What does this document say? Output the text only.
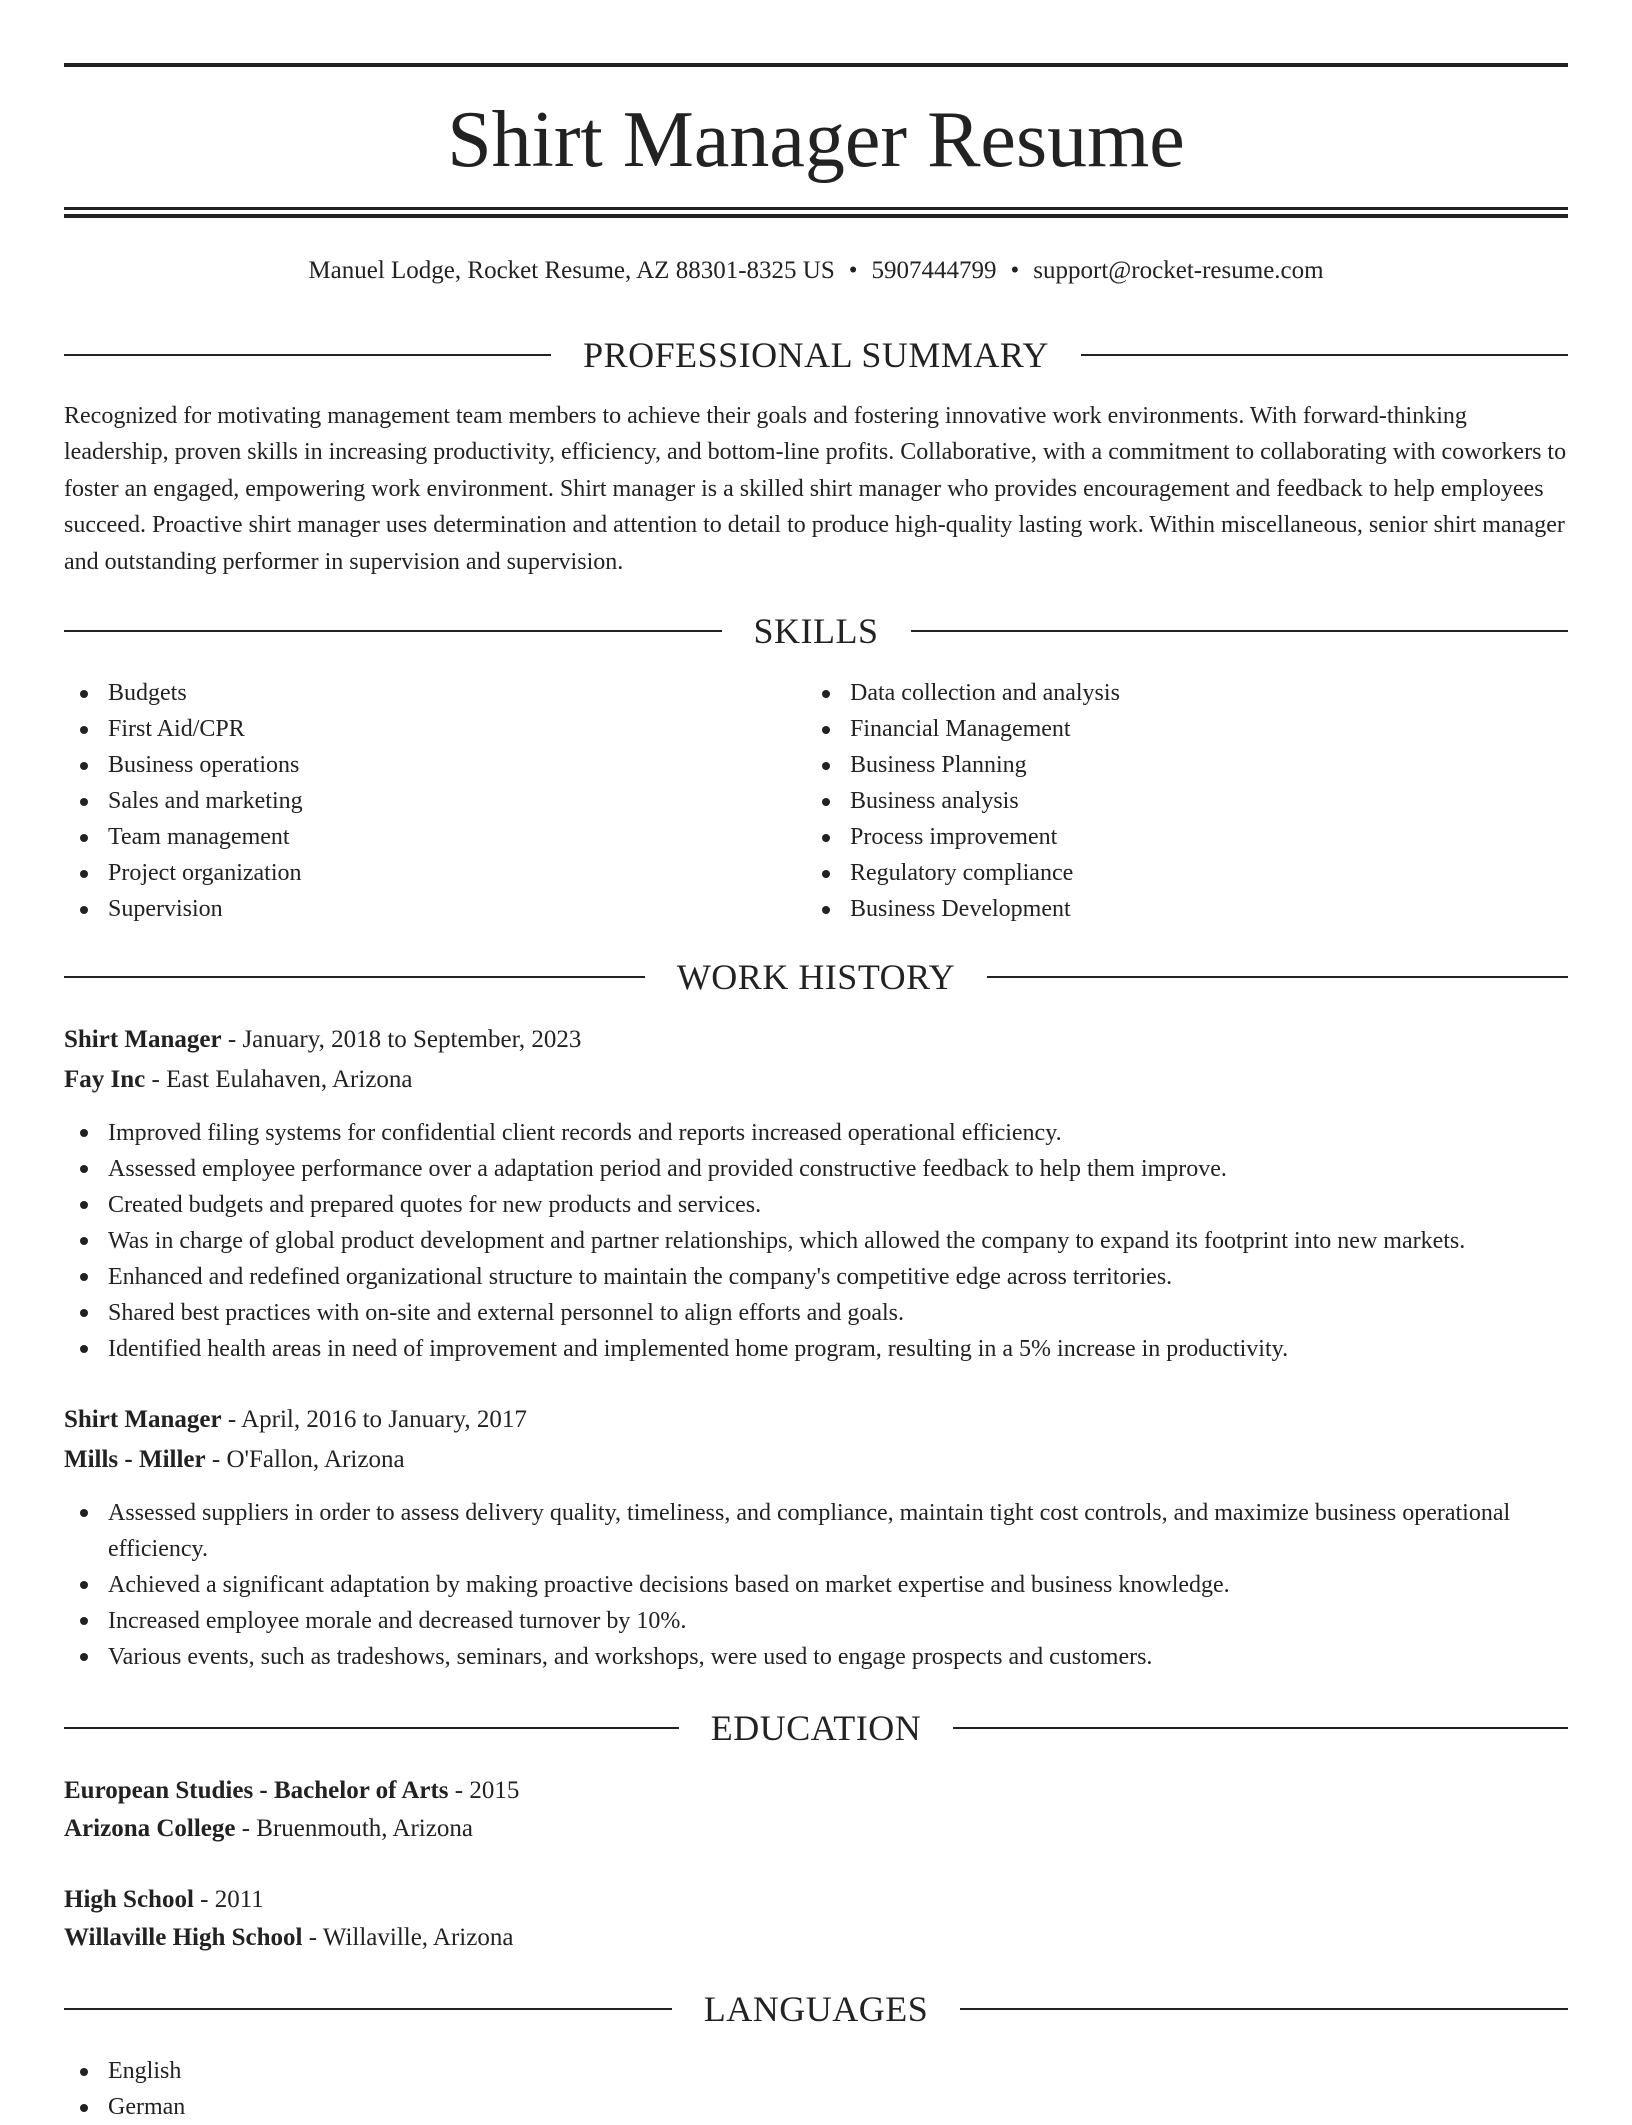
Shirt Manager Resume
Manuel Lodge, Rocket Resume, AZ 88301-8325 US • 5907444799 • support@rocket-resume.com
PROFESSIONAL SUMMARY

Recognized for motivating management team members to achieve their goals and fostering innovative work environments. With forward-thinking leadership, proven skills in increasing productivity, efficiency, and bottom-line profits. Collaborative, with a commitment to collaborating with coworkers to foster an engaged, empowering work environment. Shirt manager is a skilled shirt manager who provides encouragement and feedback to help employees succeed. Proactive shirt manager uses determination and attention to detail to produce high-quality lasting work. Within miscellaneous, senior shirt manager and outstanding performer in supervision and supervision.

SKILLS
Budgets
First Aid/CPR
Business operations
Sales and marketing
Team management
Project organization
Supervision
Data collection and analysis
Financial Management
Business Planning
Business analysis
Process improvement
Regulatory compliance
Business Development
WORK HISTORY
Shirt Manager - January, 2018 to September, 2023
Fay Inc - East Eulahaven, Arizona
Improved filing systems for confidential client records and reports increased operational efficiency.
Assessed employee performance over a adaptation period and provided constructive feedback to help them improve.
Created budgets and prepared quotes for new products and services.
Was in charge of global product development and partner relationships, which allowed the company to expand its footprint into new markets.
Enhanced and redefined organizational structure to maintain the company's competitive edge across territories.
Shared best practices with on-site and external personnel to align efforts and goals.
Identified health areas in need of improvement and implemented home program, resulting in a 5% increase in productivity.
Shirt Manager - April, 2016 to January, 2017
Mills - Miller - O'Fallon, Arizona
Assessed suppliers in order to assess delivery quality, timeliness, and compliance, maintain tight cost controls, and maximize business operational efficiency.
Achieved a significant adaptation by making proactive decisions based on market expertise and business knowledge.
Increased employee morale and decreased turnover by 10%.
Various events, such as tradeshows, seminars, and workshops, were used to engage prospects and customers.
EDUCATION
European Studies - Bachelor of Arts - 2015
Arizona College - Bruenmouth, Arizona
High School - 2011
Willaville High School - Willaville, Arizona
LANGUAGES
English
German
